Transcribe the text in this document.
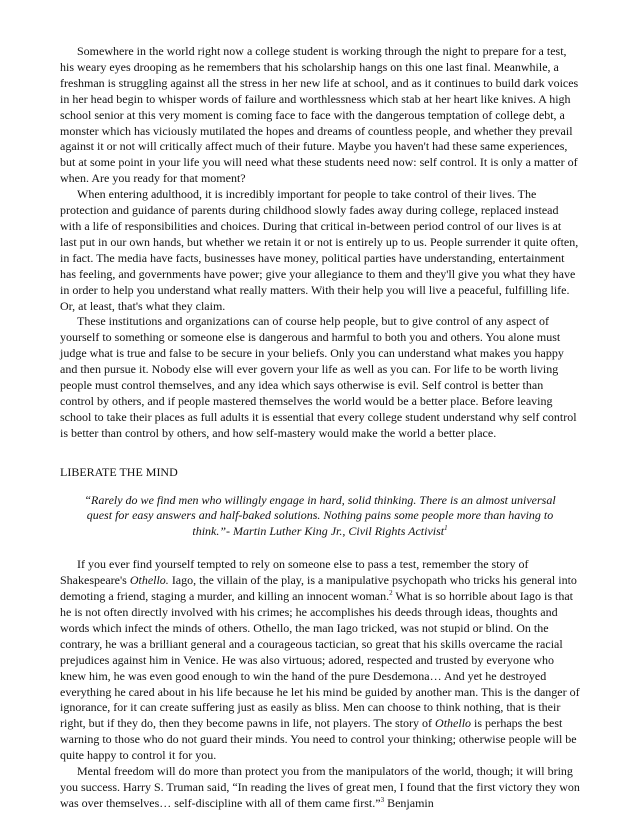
Somewhere in the world right now a college student is working through the night to prepare for a test, his weary eyes drooping as he remembers that his scholarship hangs on this one last final. Meanwhile, a freshman is struggling against all the stress in her new life at school, and as it continues to build dark voices in her head begin to whisper words of failure and worthlessness which stab at her heart like knives. A high school senior at this very moment is coming face to face with the dangerous temptation of college debt, a monster which has viciously mutilated the hopes and dreams of countless people, and whether they prevail against it or not will critically affect much of their future. Maybe you haven't had these same experiences, but at some point in your life you will need what these students need now: self control. It is only a matter of when. Are you ready for that moment?

When entering adulthood, it is incredibly important for people to take control of their lives. The protection and guidance of parents during childhood slowly fades away during college, replaced instead with a life of responsibilities and choices. During that critical in-between period control of our lives is at last put in our own hands, but whether we retain it or not is entirely up to us. People surrender it quite often, in fact. The media have facts, businesses have money, political parties have understanding, entertainment has feeling, and governments have power; give your allegiance to them and they'll give you what they have in order to help you understand what really matters. With their help you will live a peaceful, fulfilling life. Or, at least, that's what they claim.

These institutions and organizations can of course help people, but to give control of any aspect of yourself to something or someone else is dangerous and harmful to both you and others. You alone must judge what is true and false to be secure in your beliefs. Only you can understand what makes you happy and then pursue it. Nobody else will ever govern your life as well as you can. For life to be worth living people must control themselves, and any idea which says otherwise is evil. Self control is better than control by others, and if people mastered themselves the world would be a better place. Before leaving school to take their places as full adults it is essential that every college student understand why self control is better than control by others, and how self-mastery would make the world a better place.

LIBERATE THE MIND

“Rarely do we find men who willingly engage in hard, solid thinking. There is an almost universal quest for easy answers and half-baked solutions. Nothing pains some people more than having to think.”- Martin Luther King Jr., Civil Rights Activist$^1$

If you ever find yourself tempted to rely on someone else to pass a test, remember the story of Shakespeare's Othello. Iago, the villain of the play, is a manipulative psychopath who tricks his general into demoting a friend, staging a murder, and killing an innocent woman.$^2$ What is so horrible about Iago is that he is not often directly involved with his crimes; he accomplishes his deeds through ideas, thoughts and words which infect the minds of others. Othello, the man Iago tricked, was not stupid or blind. On the contrary, he was a brilliant general and a courageous tactician, so great that his skills overcame the racial prejudices against him in Venice. He was also virtuous; adored, respected and trusted by everyone who knew him, he was even good enough to win the hand of the pure Desdemona… And yet he destroyed everything he cared about in his life because he let his mind be guided by another man. This is the danger of ignorance, for it can create suffering just as easily as bliss. Men can choose to think nothing, that is their right, but if they do, then they become pawns in life, not players. The story of Othello is perhaps the best warning to those who do not guard their minds. You need to control your thinking; otherwise people will be quite happy to control it for you.

Mental freedom will do more than protect you from the manipulators of the world, though; it will bring you success. Harry S. Truman said, “In reading the lives of great men, I found that the first victory they won was over themselves… self-discipline with all of them came first.”$^3$ Benjamin
